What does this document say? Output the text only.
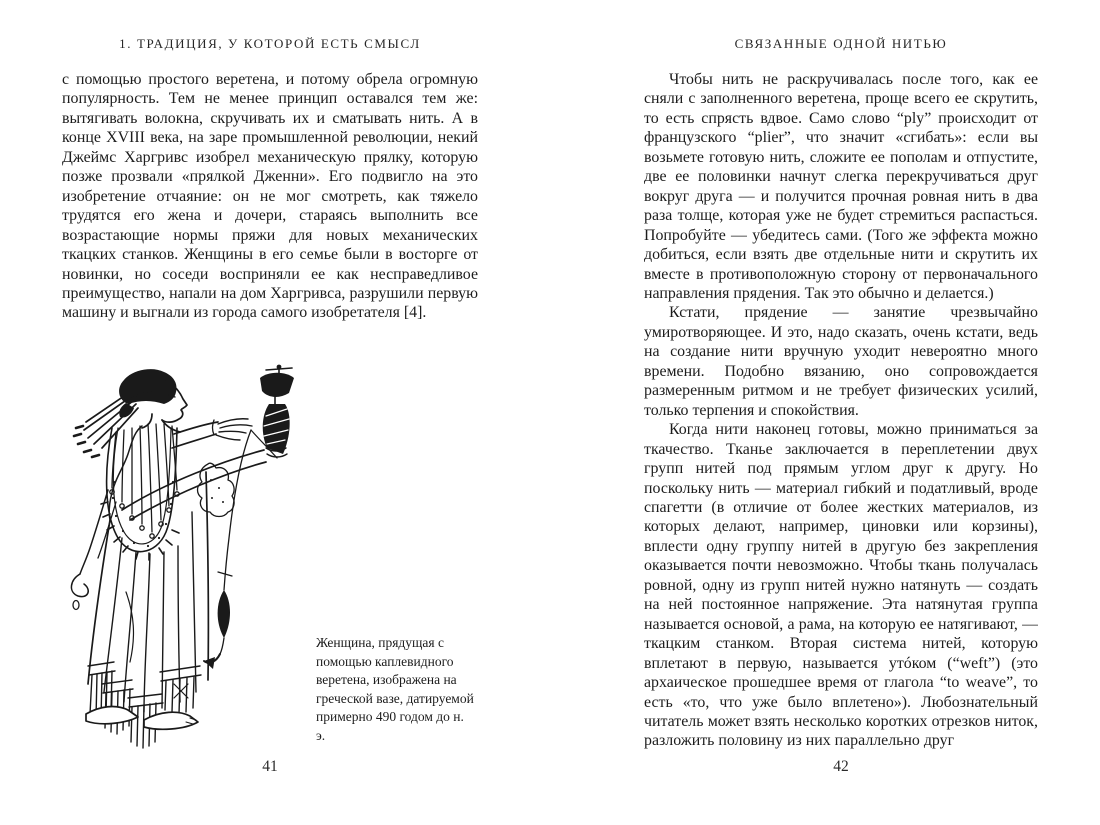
1. ТРАДИЦИЯ, У КОТОРОЙ ЕСТЬ СМЫСЛ

с помощью простого веретена, и потому обрела огромную популярность. Тем не менее принцип оставался тем же: вытягивать волокна, скручивать их и сматывать нить. А в конце XVIII века, на заре промышленной революции, некий Джеймс Харгривс изобрел механическую прялку, которую позже прозвали «прялкой Дженни». Его подвигло на это изобретение отчаяние: он не мог смотреть, как тяжело трудятся его жена и дочери, стараясь выполнить все возрастающие нормы пряжи для новых механических ткацких станков. Женщины в его семье были в восторге от новинки, но соседи восприняли ее как несправедливое преимущество, напали на дом Харгривса, разрушили первую машину и выгнали из города самого изобретателя [4].

Женщина, прядущая с помощью каплевидного веретена, изображена на греческой вазе, датируемой примерно 490 годом до н. э.
41
СВЯЗАННЫЕ ОДНОЙ НИТЬЮ

Чтобы нить не раскручивалась после того, как ее сняли с заполненного веретена, проще всего ее скрутить, то есть спрясть вдвое. Само слово “ply” происходит от французского “plier”, что значит «сгибать»: если вы возьмете готовую нить, сложите ее пополам и отпустите, две ее половинки начнут слегка перекручиваться друг вокруг друга — и получится прочная ровная нить в два раза толще, которая уже не будет стремиться распасться. Попробуйте — убедитесь сами. (Того же эффекта можно добиться, если взять две отдельные нити и скрутить их вместе в противоположную сторону от первоначального направления прядения. Так это обычно и делается.)

Кстати, прядение — занятие чрезвычайно умиротворяющее. И это, надо сказать, очень кстати, ведь на создание нити вручную уходит невероятно много времени. Подобно вязанию, оно сопровождается размеренным ритмом и не требует физических усилий, только терпения и спокойствия.

Когда нити наконец готовы, можно приниматься за ткачество. Тканье заключается в переплетении двух групп нитей под прямым углом друг к другу. Но поскольку нить — материал гибкий и податливый, вроде спагетти (в отличие от более жестких материалов, из которых делают, например, циновки или корзины), вплести одну группу нитей в другую без закрепления оказывается почти невозможно. Чтобы ткань получалась ровной, одну из групп нитей нужно натянуть — создать на ней постоянное напряжение. Эта натянутая группа называется основой, а рама, на которую ее натягивают, — ткацким станком. Вторая система нитей, которую вплетают в первую, называется утóком (“weft”) (это архаическое прошедшее время от глагола “to weave”, то есть «то, что уже было вплетено»). Любознательный читатель может взять несколько коротких отрезков ниток, разложить половину из них параллельно друг

42
